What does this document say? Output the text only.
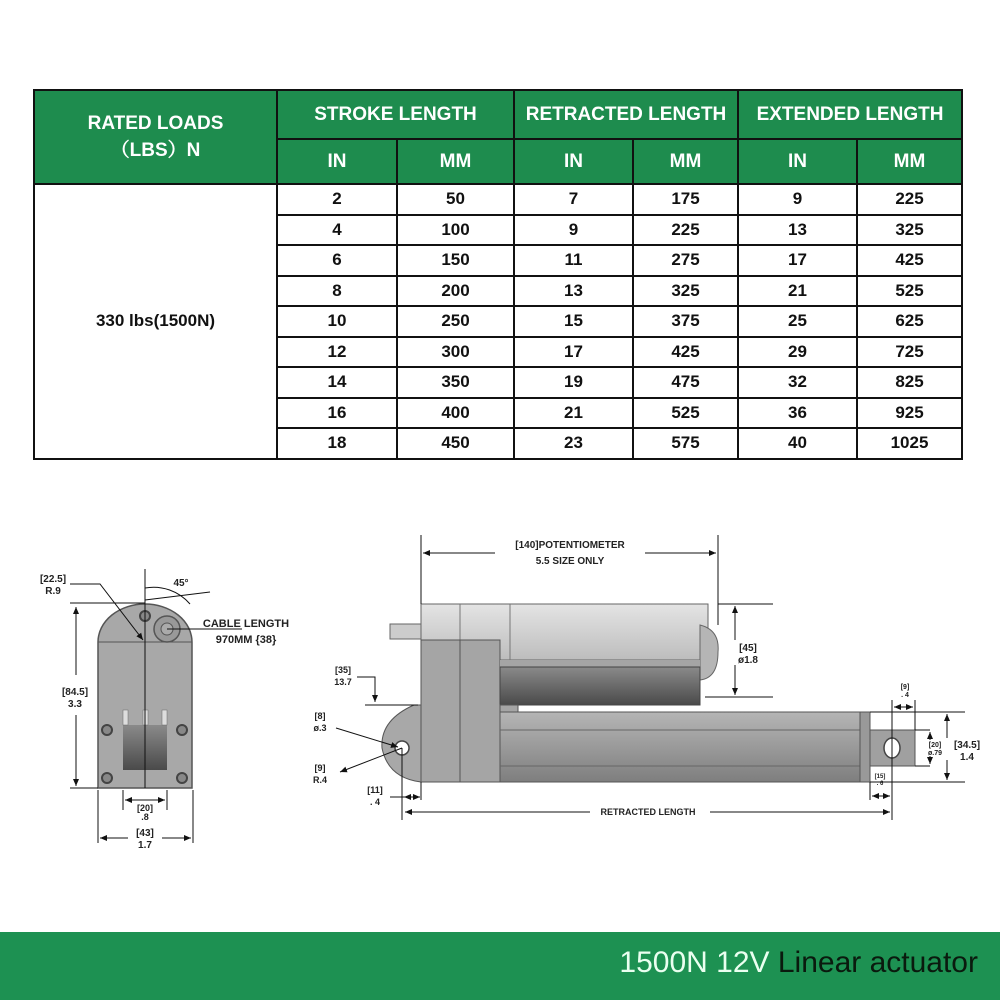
RATED LOADS
（LBS）N	STROKE LENGTH		RETRACTED LENGTH		EXTENDED LENGTH	
	IN	MM	IN	MM	IN	MM
330 lbs(1500N)	2	50	7	175	9	225
	4	100	9	225	13	325
	6	150	11	275	17	425
	8	200	13	325	21	525
	10	250	15	375	25	625
	12	300	17	425	29	725
	14	350	19	475	32	825
	16	400	21	525	36	925
	18	450	23	575	40	1025
[22.5]
R.9
45°
CABLE LENGTH
970MM {38}
[84.5]
3.3
[20]
.8
[43]
1.7
[140]POTENTIOMETER
5.5 SIZE ONLY
[45]
ø1.8
[35]
13.7
[8]
ø.3
[9]
R.4
[11]
. 4
RETRACTED LENGTH
[9]
. 4
[20]
ø.79
[34.5]
1.4
[15]
. 6
1500N 12V Linear actuator
